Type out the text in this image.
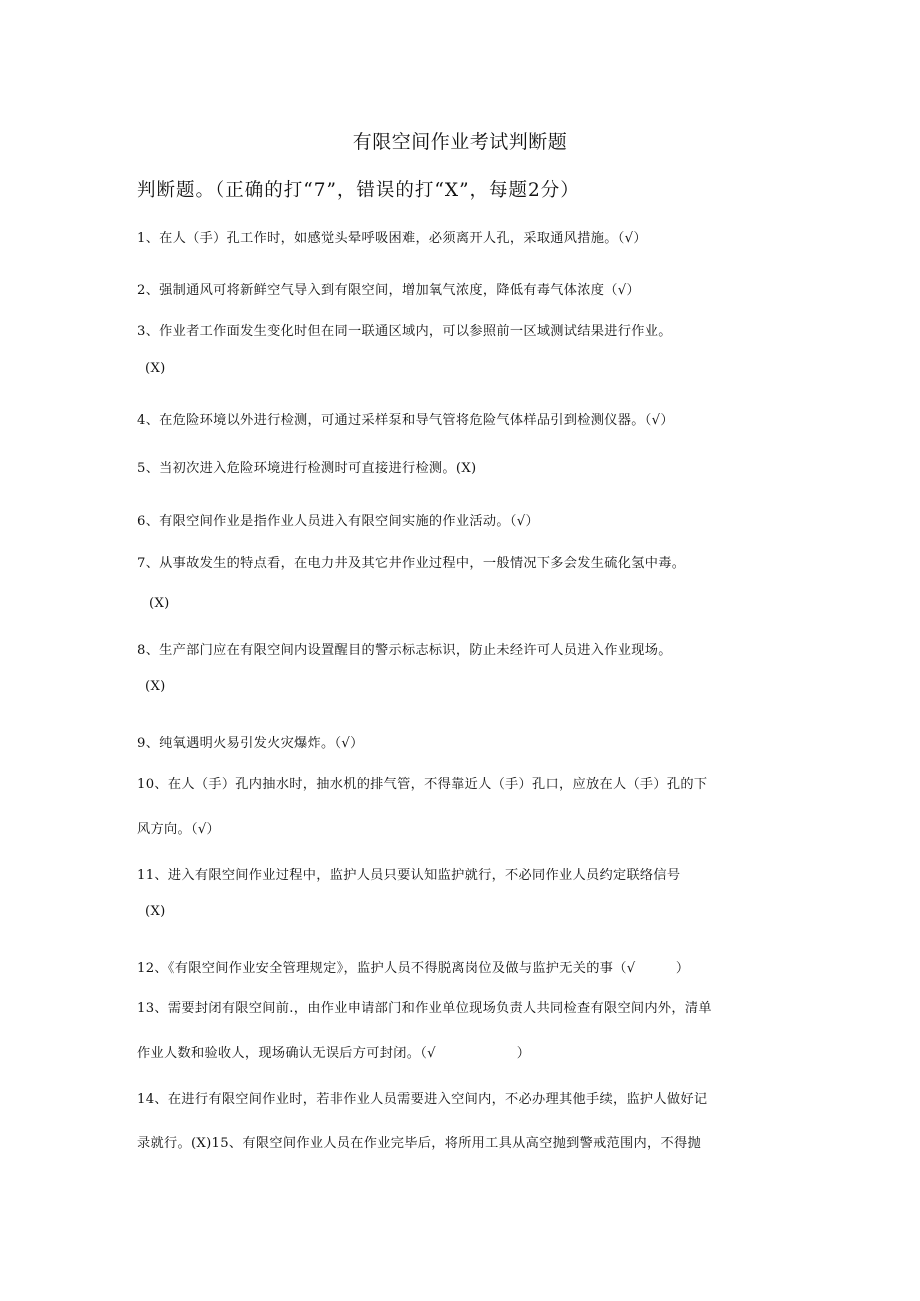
有限空间作业考试判断题
判断题。（正确的打“7”，错误的打“X”，每题2分）
1、在人（手）孔工作时，如感觉头晕呼吸困难，必须离开人孔，采取通风措施。（√）
2、强制通风可将新鲜空气导入到有限空间，增加氧气浓度，降低有毒气体浓度（√）
3、作业者工作面发生变化时但在同一联通区域内，可以参照前一区域测试结果进行作业。
(X)
4、在危险环境以外进行检测，可通过采样泵和导气管将危险气体样品引到检测仪器。（√）
5、当初次进入危险环境进行检测时可直接进行检测。(X)
6、有限空间作业是指作业人员进入有限空间实施的作业活动。（√）
7、从事故发生的特点看，在电力井及其它井作业过程中，一般情况下多会发生硫化氢中毒。
(X)
8、生产部门应在有限空间内设置醒目的警示标志标识，防止未经许可人员进入作业现场。
(X)
9、纯氧遇明火易引发火灾爆炸。（√）
10、在人（手）孔内抽水时，抽水机的排气管，不得靠近人（手）孔口，应放在人（手）孔的下
风方向。（√）
11、进入有限空间作业过程中，监护人员只要认知监护就行，不必同作业人员约定联络信号
(X)
12、《有限空间作业安全管理规定》，监护人员不得脱离岗位及做与监护无关的事（√　　　）
13、需要封闭有限空间前.，由作业申请部门和作业单位现场负责人共同检查有限空间内外，清单
作业人数和验收人，现场确认无误后方可封闭。（√　　　　　　）
14、在进行有限空间作业时，若非作业人员需要进入空间内，不必办理其他手续，监护人做好记
录就行。(X)15、有限空间作业人员在作业完毕后，将所用工具从高空抛到警戒范围内，不得抛
